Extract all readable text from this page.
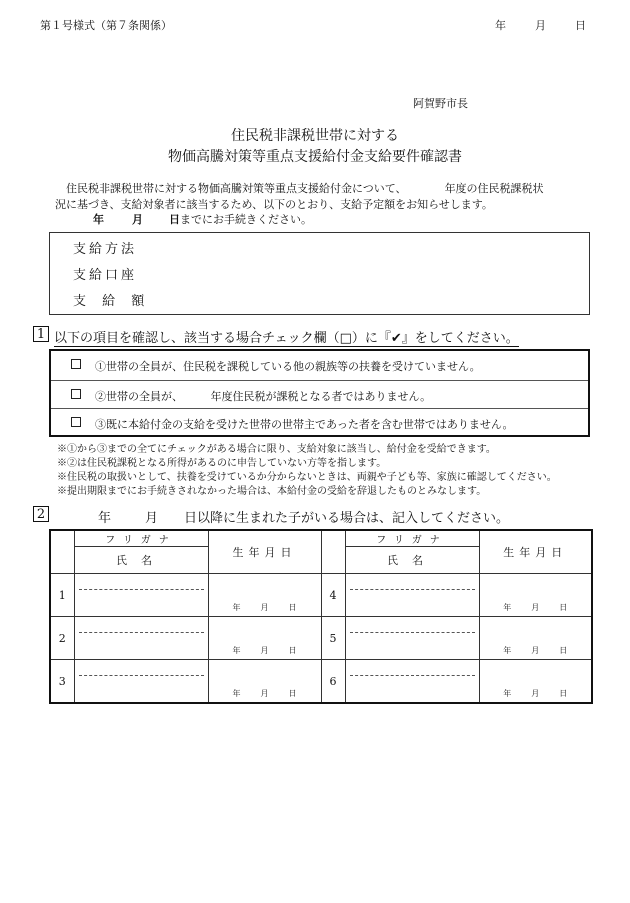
第１号様式（第７条関係）	年	月	日
阿賀野市長
住民税非課税世帯に対する
物価高騰対策等重点支援給付金支給要件確認書
住民税非課税世帯に対する物価高騰対策等重点支援給付金について、	年度の住民税課税状
況に基づき、支給対象者に該当するため、以下のとおり、支給予定額をお知らせします。
年	月 日までにお手続きください。
支給方法
支給口座
支 給 額
1 以下の項目を確認し、該当する場合チェック欄（□）に『✔』をしてください。
①世帯の全員が、住民税を課税している他の親族等の扶養を受けていません。
②世帯の全員が、　　　年度住民税が課税となる者ではありません。
③既に本給付金の支給を受けた世帯の世帯主であった者を含む世帯ではありません。
※①から③までの全てにチェックがある場合に限り、支給対象に該当し、給付金を受給できます。
※②は住民税課税となる所得があるのに申告していない方等を指します。
※住民税の取扱いとして、扶養を受けているか分からないときは、両親や子ども等、家族に確認してください。
※提出期限までにお手続きされなかった場合は、本給付金の受給を辞退したものとみなします。
2	年	月 日以降に生まれた子がいる場合は、記入してください。
	フリガナ	生年月日		フリガナ	生年月日
	氏名			氏名	
1		年 月 日	4		年 月 日

2		年 月 日	5		年 月 日

3		年 月 日	6		年 月 日
